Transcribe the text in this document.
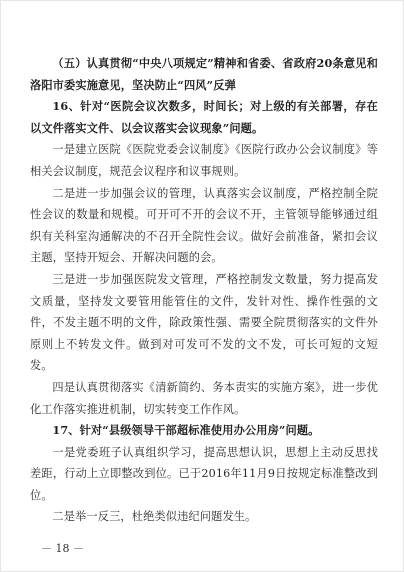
（五）认真贯彻“中央八项规定”精神和省委、省政府20条意见和洛阳市委实施意见，坚决防止“四风”反弹

16、针对“医院会议次数多，时间长；对上级的有关部署，存在以文件落实文件、以会议落实会议现象”问题。

一是建立医院《医院党委会议制度》《医院行政办公会议制度》等相关会议制度，规范会议程序和议事规则。

二是进一步加强会议的管理，认真落实会议制度，严格控制全院性会议的数量和规模。可开可不开的会议不开，主管领导能够通过组织有关科室沟通解决的不召开全院性会议。做好会前准备，紧扣会议主题，坚持开短会、开解决问题的会。

三是进一步加强医院发文管理，严格控制发文数量，努力提高发文质量，坚持发文要管用能管住的文件，发针对性、操作性强的文件，不发主题不明的文件，除政策性强、需要全院贯彻落实的文件外原则上不转发文件。做到对可发可不发的文不发，可长可短的文短发。

四是认真贯彻落实《清新简约、务本责实的实施方案》，进一步优化工作落实推进机制，切实转变工作作风。

17、针对“县级领导干部超标准使用办公用房”问题。

一是党委班子认真组织学习，提高思想认识，思想上主动反思找差距，行动上立即整改到位。已于2016年11月9日按规定标准整改到位。

二是举一反三，杜绝类似违纪问题发生。

－ 18 －
